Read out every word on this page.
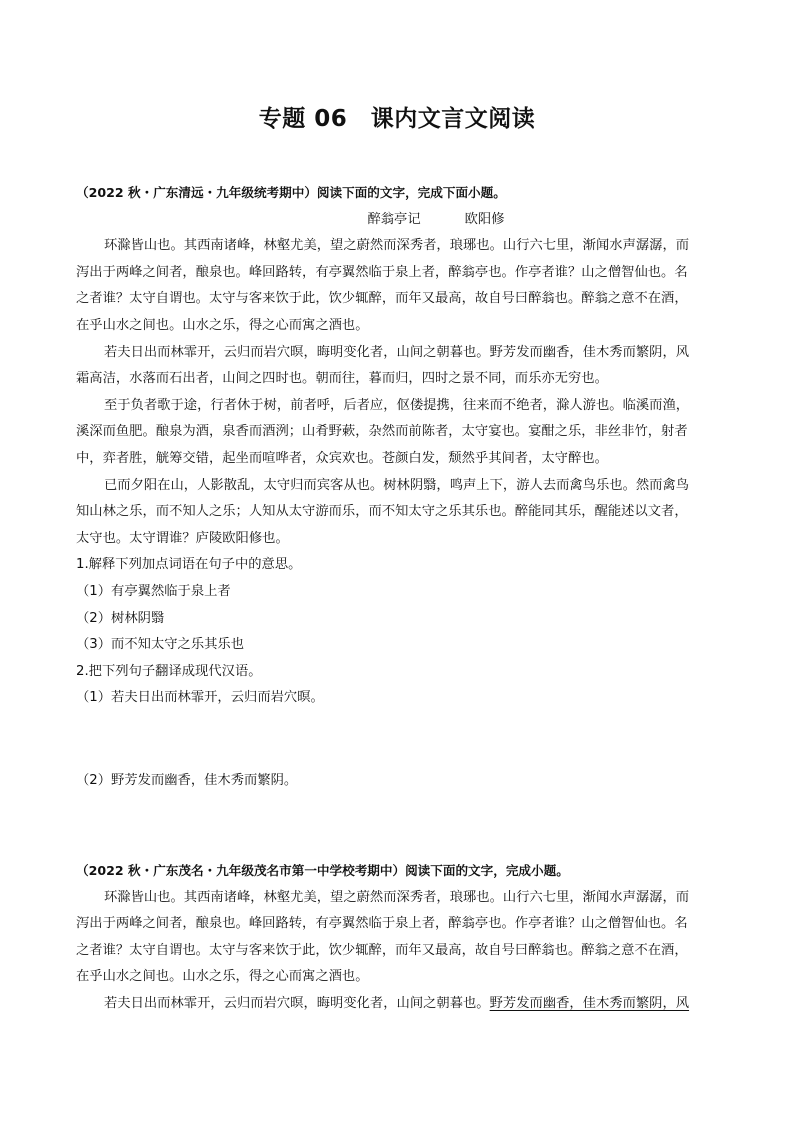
专题 06　课内文言文阅读
（2022 秋・广东清远・九年级统考期中）阅读下面的文字，完成下面小题。
醉翁亭记	欧阳修
环滁皆山也。其西南诸峰，林壑尤美，望之蔚然而深秀者，琅琊也。山行六七里，渐闻水声潺潺，而
泻出于两峰之间者，酿泉也。峰回路转，有亭翼然临于泉上者，醉翁亭也。作亭者谁？山之僧智仙也。名
之者谁？太守自谓也。太守与客来饮于此，饮少辄醉，而年又最高，故自号曰醉翁也。醉翁之意不在酒，
在乎山水之间也。山水之乐，得之心而寓之酒也。
若夫日出而林霏开，云归而岩穴暝，晦明变化者，山间之朝暮也。野芳发而幽香，佳木秀而繁阴，风
霜高洁，水落而石出者，山间之四时也。朝而往，暮而归，四时之景不同，而乐亦无穷也。
至于负者歌于途，行者休于树，前者呼，后者应，伛偻提携，往来而不绝者，滁人游也。临溪而渔，
溪深而鱼肥。酿泉为酒，泉香而酒洌；山肴野蔌，杂然而前陈者，太守宴也。宴酣之乐，非丝非竹，射者
中，弈者胜，觥筹交错，起坐而喧哗者，众宾欢也。苍颜白发，颓然乎其间者，太守醉也。
已而夕阳在山，人影散乱，太守归而宾客从也。树林阴翳，鸣声上下，游人去而禽鸟乐也。然而禽鸟
知山林之乐，而不知人之乐；人知从太守游而乐，而不知太守之乐其乐也。醉能同其乐，醒能述以文者，
太守也。太守谓谁？庐陵欧阳修也。
1.解释下列加点词语在句子中的意思。
（1）有亭翼然临于泉上者
（2）树林阴翳
（3）而不知太守之乐其乐也
2.把下列句子翻译成现代汉语。
（1）若夫日出而林霏开，云归而岩穴暝。
（2）野芳发而幽香，佳木秀而繁阴。
（2022 秋・广东茂名・九年级茂名市第一中学校考期中）阅读下面的文字，完成小题。
环滁皆山也。其西南诸峰，林壑尤美，望之蔚然而深秀者，琅琊也。山行六七里，渐闻水声潺潺，而
泻出于两峰之间者，酿泉也。峰回路转，有亭翼然临于泉上者，醉翁亭也。作亭者谁？山之僧智仙也。名
之者谁？太守自谓也。太守与客来饮于此，饮少辄醉，而年又最高，故自号曰醉翁也。醉翁之意不在酒，
在乎山水之间也。山水之乐，得之心而寓之酒也。
若夫日出而林霏开，云归而岩穴暝，晦明变化者，山间之朝暮也。野芳发而幽香，佳木秀而繁阴，风
